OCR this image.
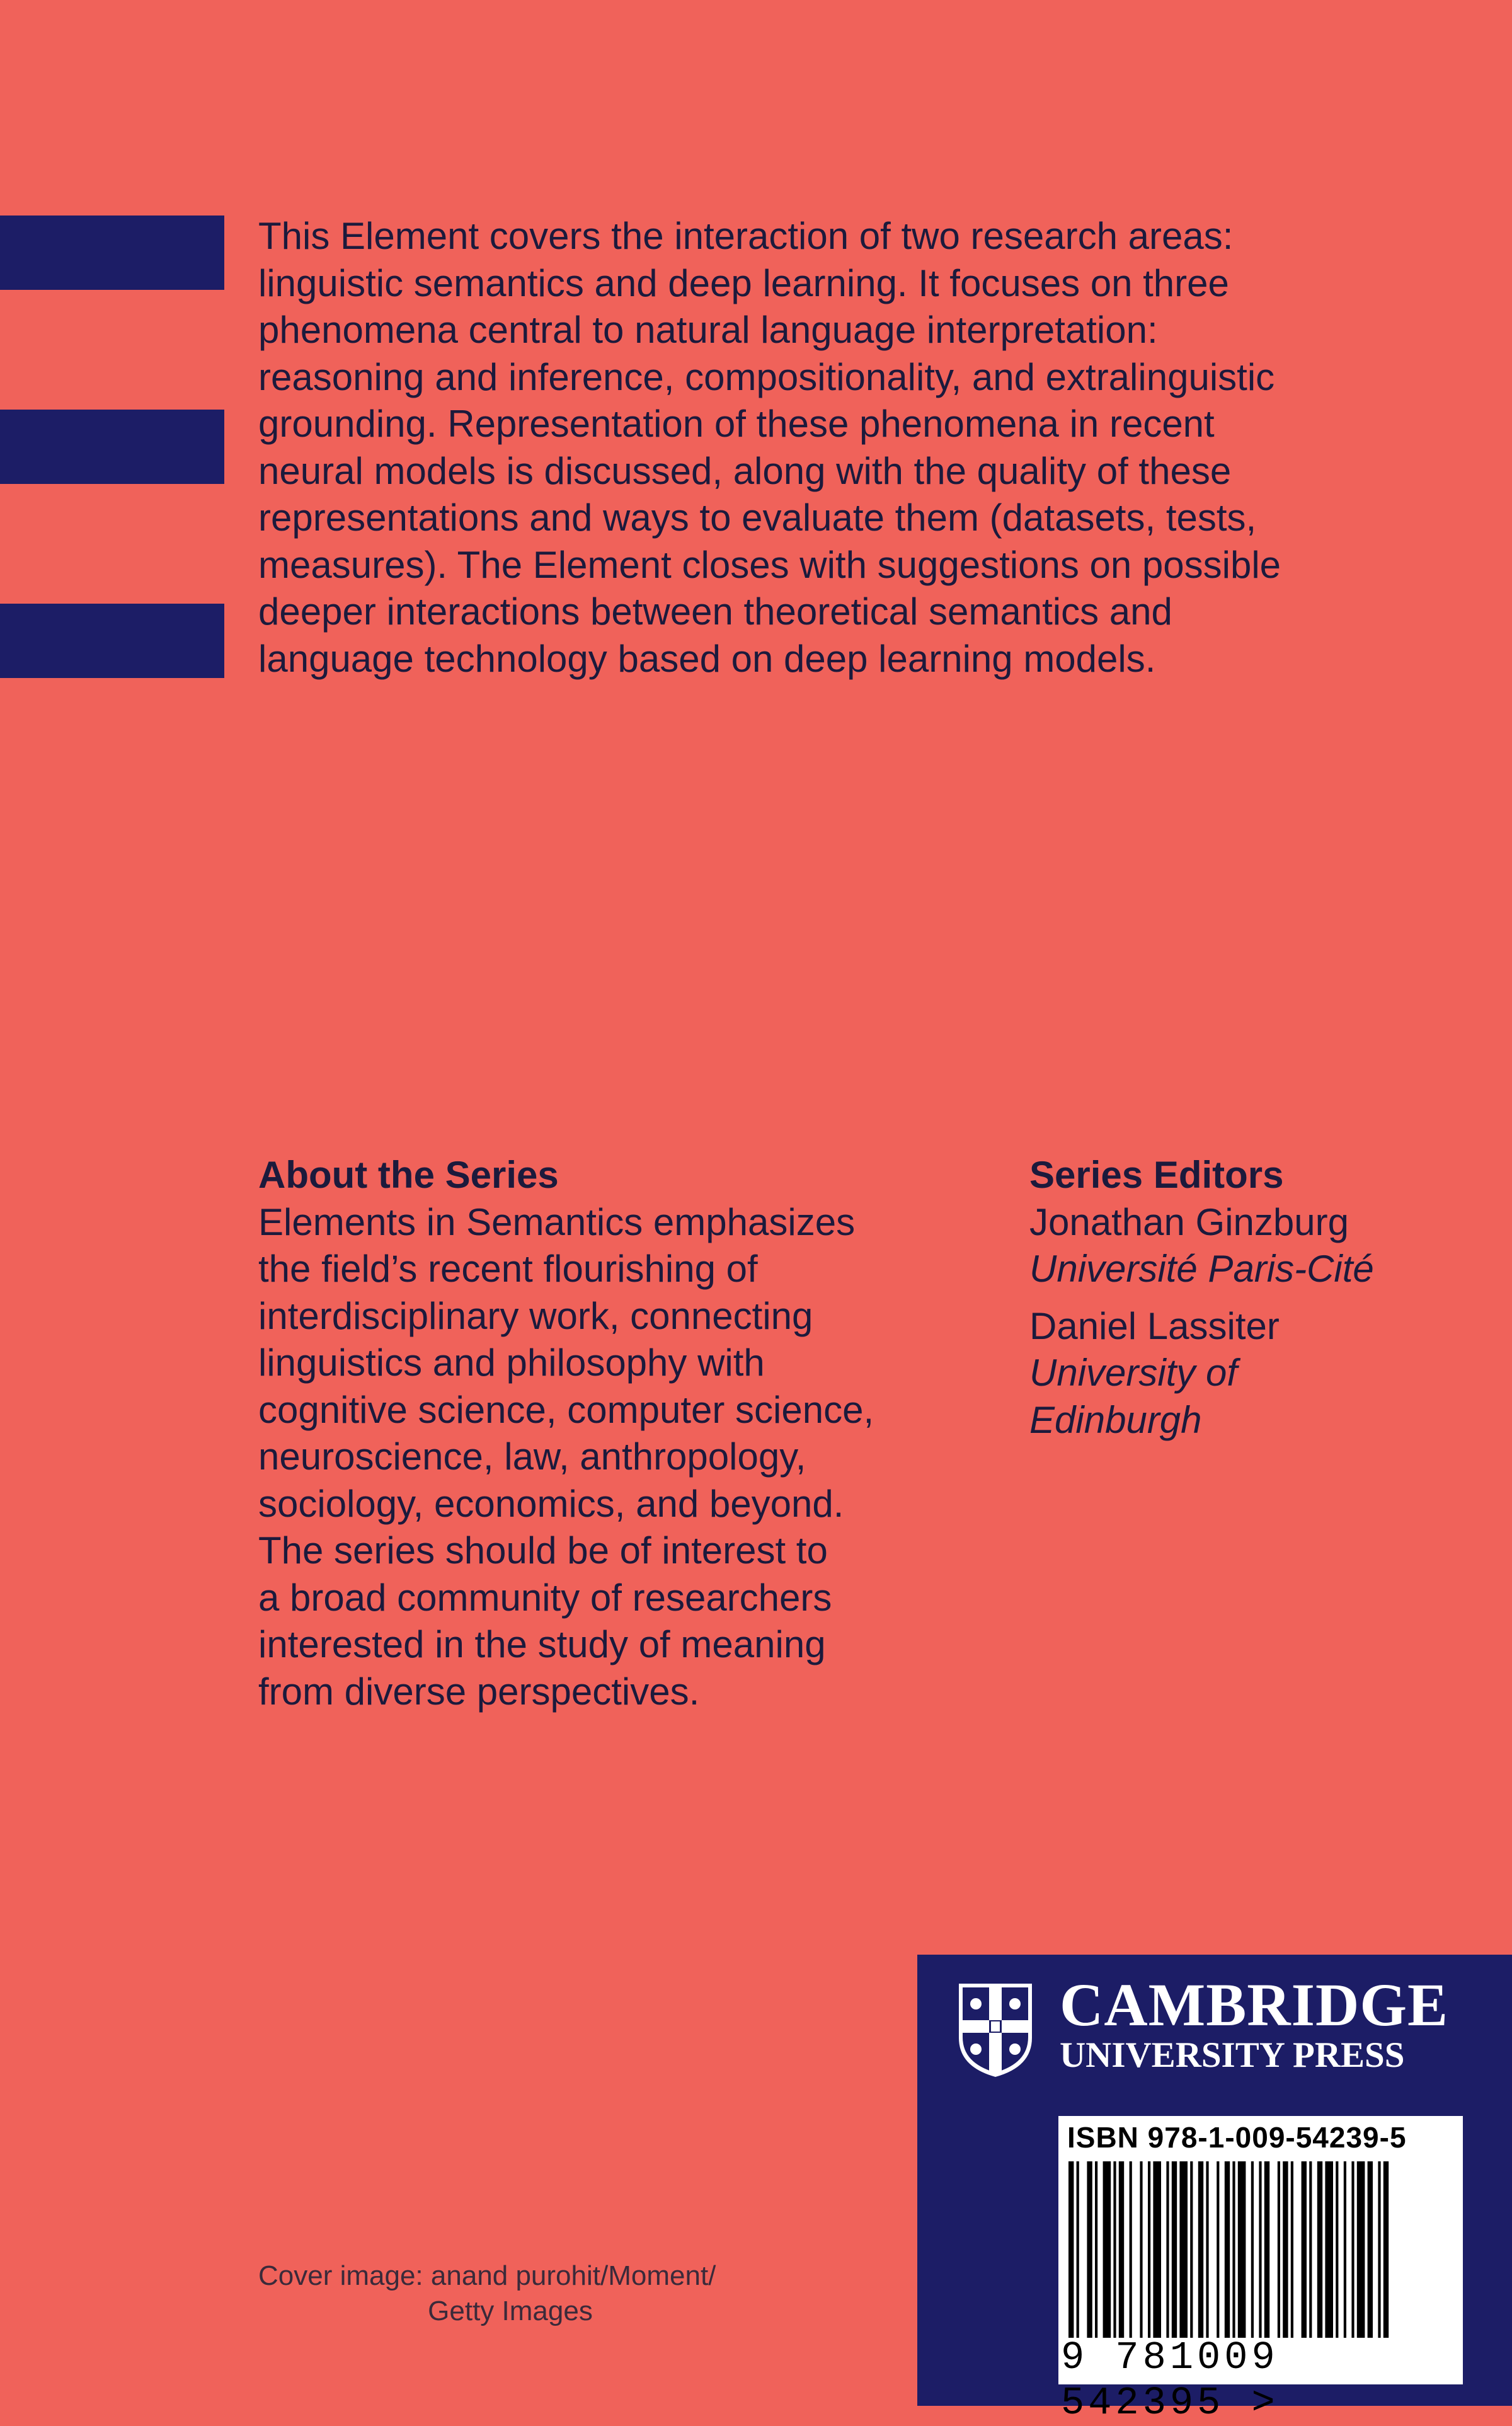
This Element covers the interaction of two research areas:
linguistic semantics and deep learning. It focuses on three
phenomena central to natural language interpretation:
reasoning and inference, compositionality, and extralinguistic
grounding. Representation of these phenomena in recent
neural models is discussed, along with the quality of these
representations and ways to evaluate them (datasets, tests,
measures). The Element closes with suggestions on possible
deeper interactions between theoretical semantics and
language technology based on deep learning models.

About the Series

Elements in Semantics emphasizes
the field’s recent flourishing of
interdisciplinary work, connecting
linguistics and philosophy with
cognitive science, computer science,
neuroscience, law, anthropology,
sociology, economics, and beyond.
The series should be of interest to
a broad community of researchers
interested in the study of meaning
from diverse perspectives.

Series Editors

Jonathan Ginzburg

Université Paris-Cité

Daniel Lassiter

University of
Edinburgh
Cover image: anand purohit/Moment/
Getty Images

CAMBRIDGE

UNIVERSITY PRESS

ISBN 978-1-009-54239-5
9 781009 542395 >
